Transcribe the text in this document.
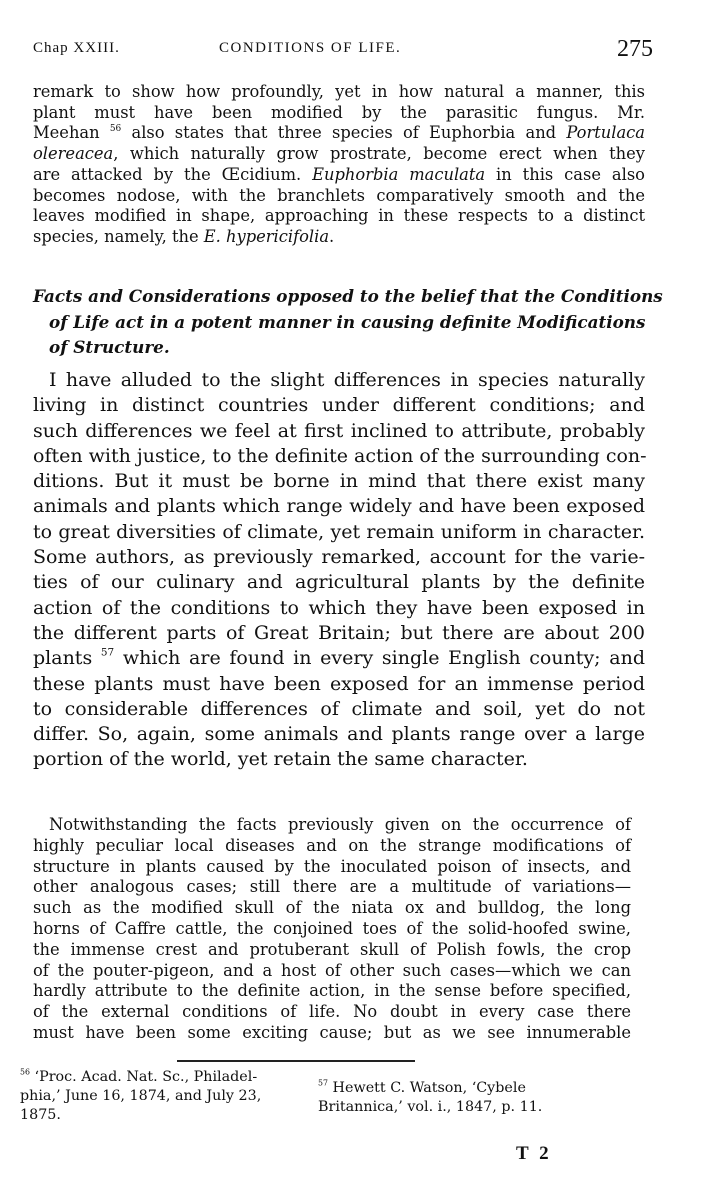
Chap XXIII.	CONDITIONS OF LIFE.	275
remark to show how profoundly, yet in how natural a manner, this
plant must have been modified by the parasitic fungus. Mr.
Meehan $^{56}$ also states that three species of Euphorbia and Portulaca
olereacea, which naturally grow prostrate, become erect when they
are attacked by the Œcidium. Euphorbia maculata in this case also
becomes nodose, with the branchlets comparatively smooth and the
leaves modified in shape, approaching in these respects to a distinct
species, namely, the E. hypericifolia.
Facts and Considerations opposed to the belief that the Conditions
of Life act in a potent manner in causing definite Modifications
of Structure.
I have alluded to the slight differences in species naturally
living in distinct countries under different conditions; and
such differences we feel at first inclined to attribute, probably
often with justice, to the definite action of the surrounding con-
ditions. But it must be borne in mind that there exist many
animals and plants which range widely and have been exposed
to great diversities of climate, yet remain uniform in character.
Some authors, as previously remarked, account for the varie-
ties of our culinary and agricultural plants by the definite
action of the conditions to which they have been exposed in
the different parts of Great Britain; but there are about 200
plants $^{57}$ which are found in every single English county; and
these plants must have been exposed for an immense period
to considerable differences of climate and soil, yet do not
differ. So, again, some animals and plants range over a large
portion of the world, yet retain the same character.
Notwithstanding the facts previously given on the occurrence of
highly peculiar local diseases and on the strange modifications of
structure in plants caused by the inoculated poison of insects, and
other analogous cases; still there are a multitude of variations—
such as the modified skull of the niata ox and bulldog, the long
horns of Caffre cattle, the conjoined toes of the solid-hoofed swine,
the immense crest and protuberant skull of Polish fowls, the crop
of the pouter-pigeon, and a host of other such cases—which we can
hardly attribute to the definite action, in the sense before specified,
of the external conditions of life. No doubt in every case there
must have been some exciting cause; but as we see innumerable
$^{56}$ ‘Proc. Acad. Nat. Sc., Philadel-
phia,’ June 16, 1874, and July 23,
1875.
$^{57}$ Hewett C. Watson, ‘Cybele
Britannica,’ vol. i., 1847, p. 11.
T 2
